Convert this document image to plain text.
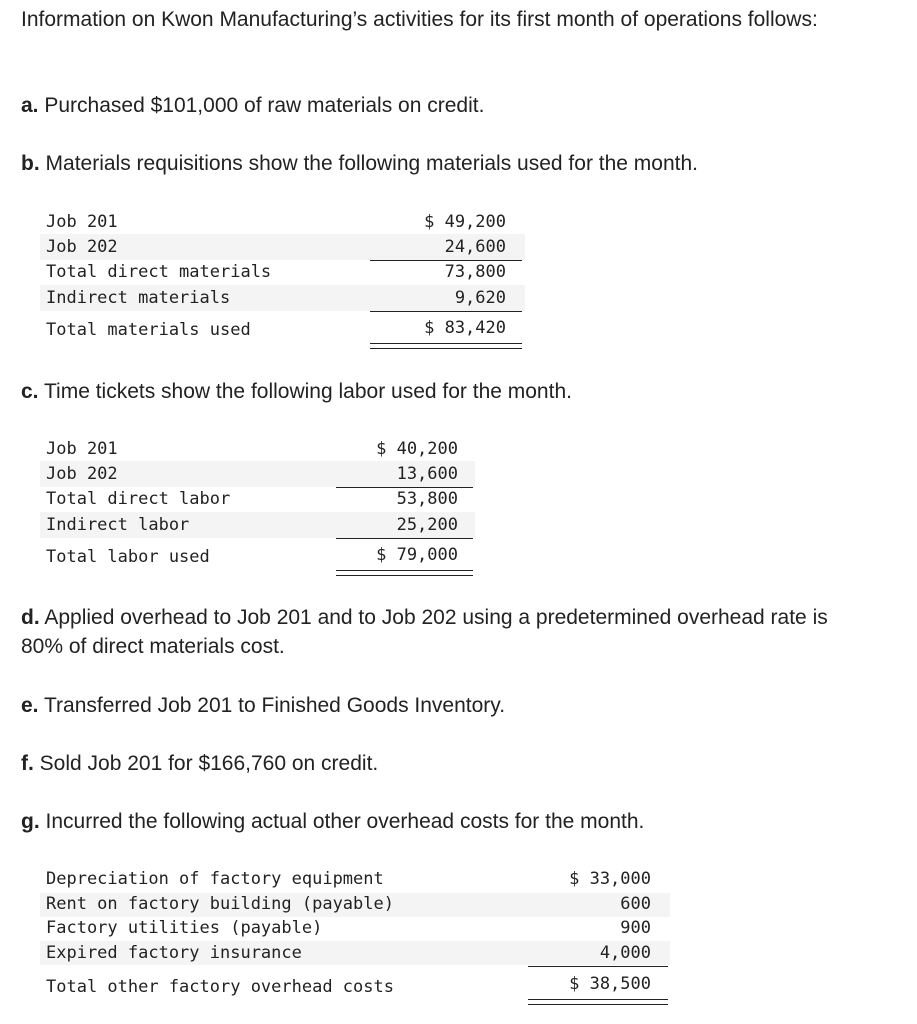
Information on Kwon Manufacturing’s activities for its first month of operations follows:

a. Purchased $101,000 of raw materials on credit.

b. Materials requisitions show the following materials used for the month.

Job 201	$ 49,200
Job 202	24,600
Total direct materials	73,800
Indirect materials	9,620
Total materials used	$ 83,420

c. Time tickets show the following labor used for the month.

Job 201	$ 40,200
Job 202	13,600
Total direct labor	53,800
Indirect labor	25,200
Total labor used	$ 79,000

d. Applied overhead to Job 201 and to Job 202 using a predetermined overhead rate is 80% of direct materials cost.

e. Transferred Job 201 to Finished Goods Inventory.

f. Sold Job 201 for $166,760 on credit.

g. Incurred the following actual other overhead costs for the month.

Depreciation of factory equipment	$ 33,000
Rent on factory building (payable)	600
Factory utilities (payable)	900
Expired factory insurance	4,000
Total other factory overhead costs	$ 38,500
